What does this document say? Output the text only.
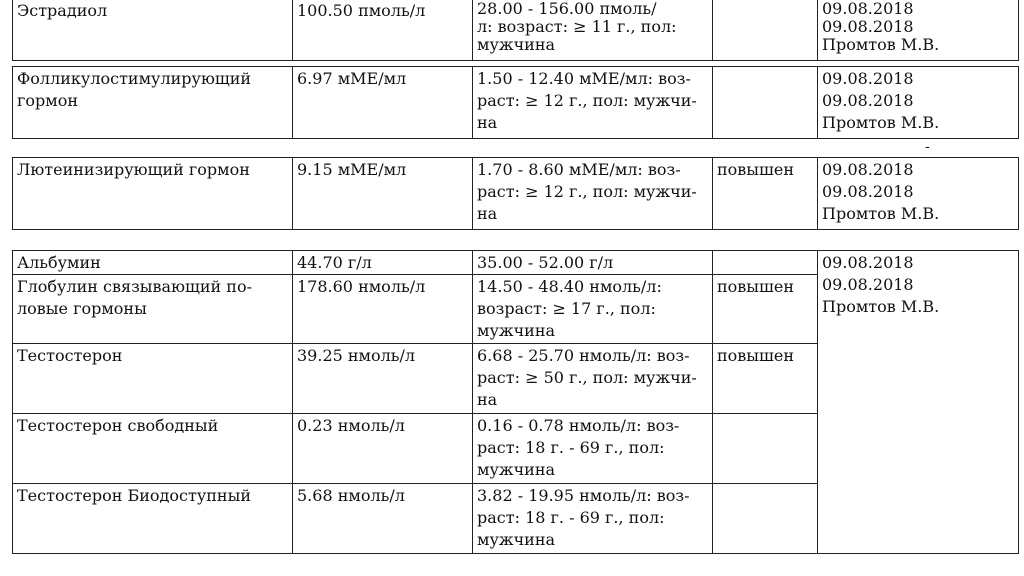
Эстрадиол	100.50 пмоль/л	28.00 - 156.00 пмоль/
л: возраст: ≥ 11 г., пол:
мужчина		09.08.2018
09.08.2018
Промтов М.В.
Фолликулостимулирующий
гормон	6.97 мМЕ/мл	1.50 - 12.40 мМЕ/мл: воз-
раст: ≥ 12 г., пол: мужчи-
на		09.08.2018
09.08.2018
Промтов М.В.
-
Лютеинизирующий гормон	9.15 мМЕ/мл	1.70 - 8.60 мМЕ/мл: воз-
раст: ≥ 12 г., пол: мужчи-
на	повышен	09.08.2018
09.08.2018
Промтов М.В.
Альбумин	44.70 г/л	35.00 - 52.00 г/л		09.08.2018
09.08.2018
Промтов М.В.
Глобулин связывающий по-
ловые гормоны	178.60 нмоль/л	14.50 - 48.40 нмоль/л:
возраст: ≥ 17 г., пол:
мужчина	повышен	
Тестостерон	39.25 нмоль/л	6.68 - 25.70 нмоль/л: воз-
раст: ≥ 50 г., пол: мужчи-
на	повышен	
Тестостерон свободный	0.23 нмоль/л	0.16 - 0.78 нмоль/л: воз-
раст: 18 г. - 69 г., пол:
мужчина		
Тестостерон Биодоступный	5.68 нмоль/л	3.82 - 19.95 нмоль/л: воз-
раст: 18 г. - 69 г., пол:
мужчина		
